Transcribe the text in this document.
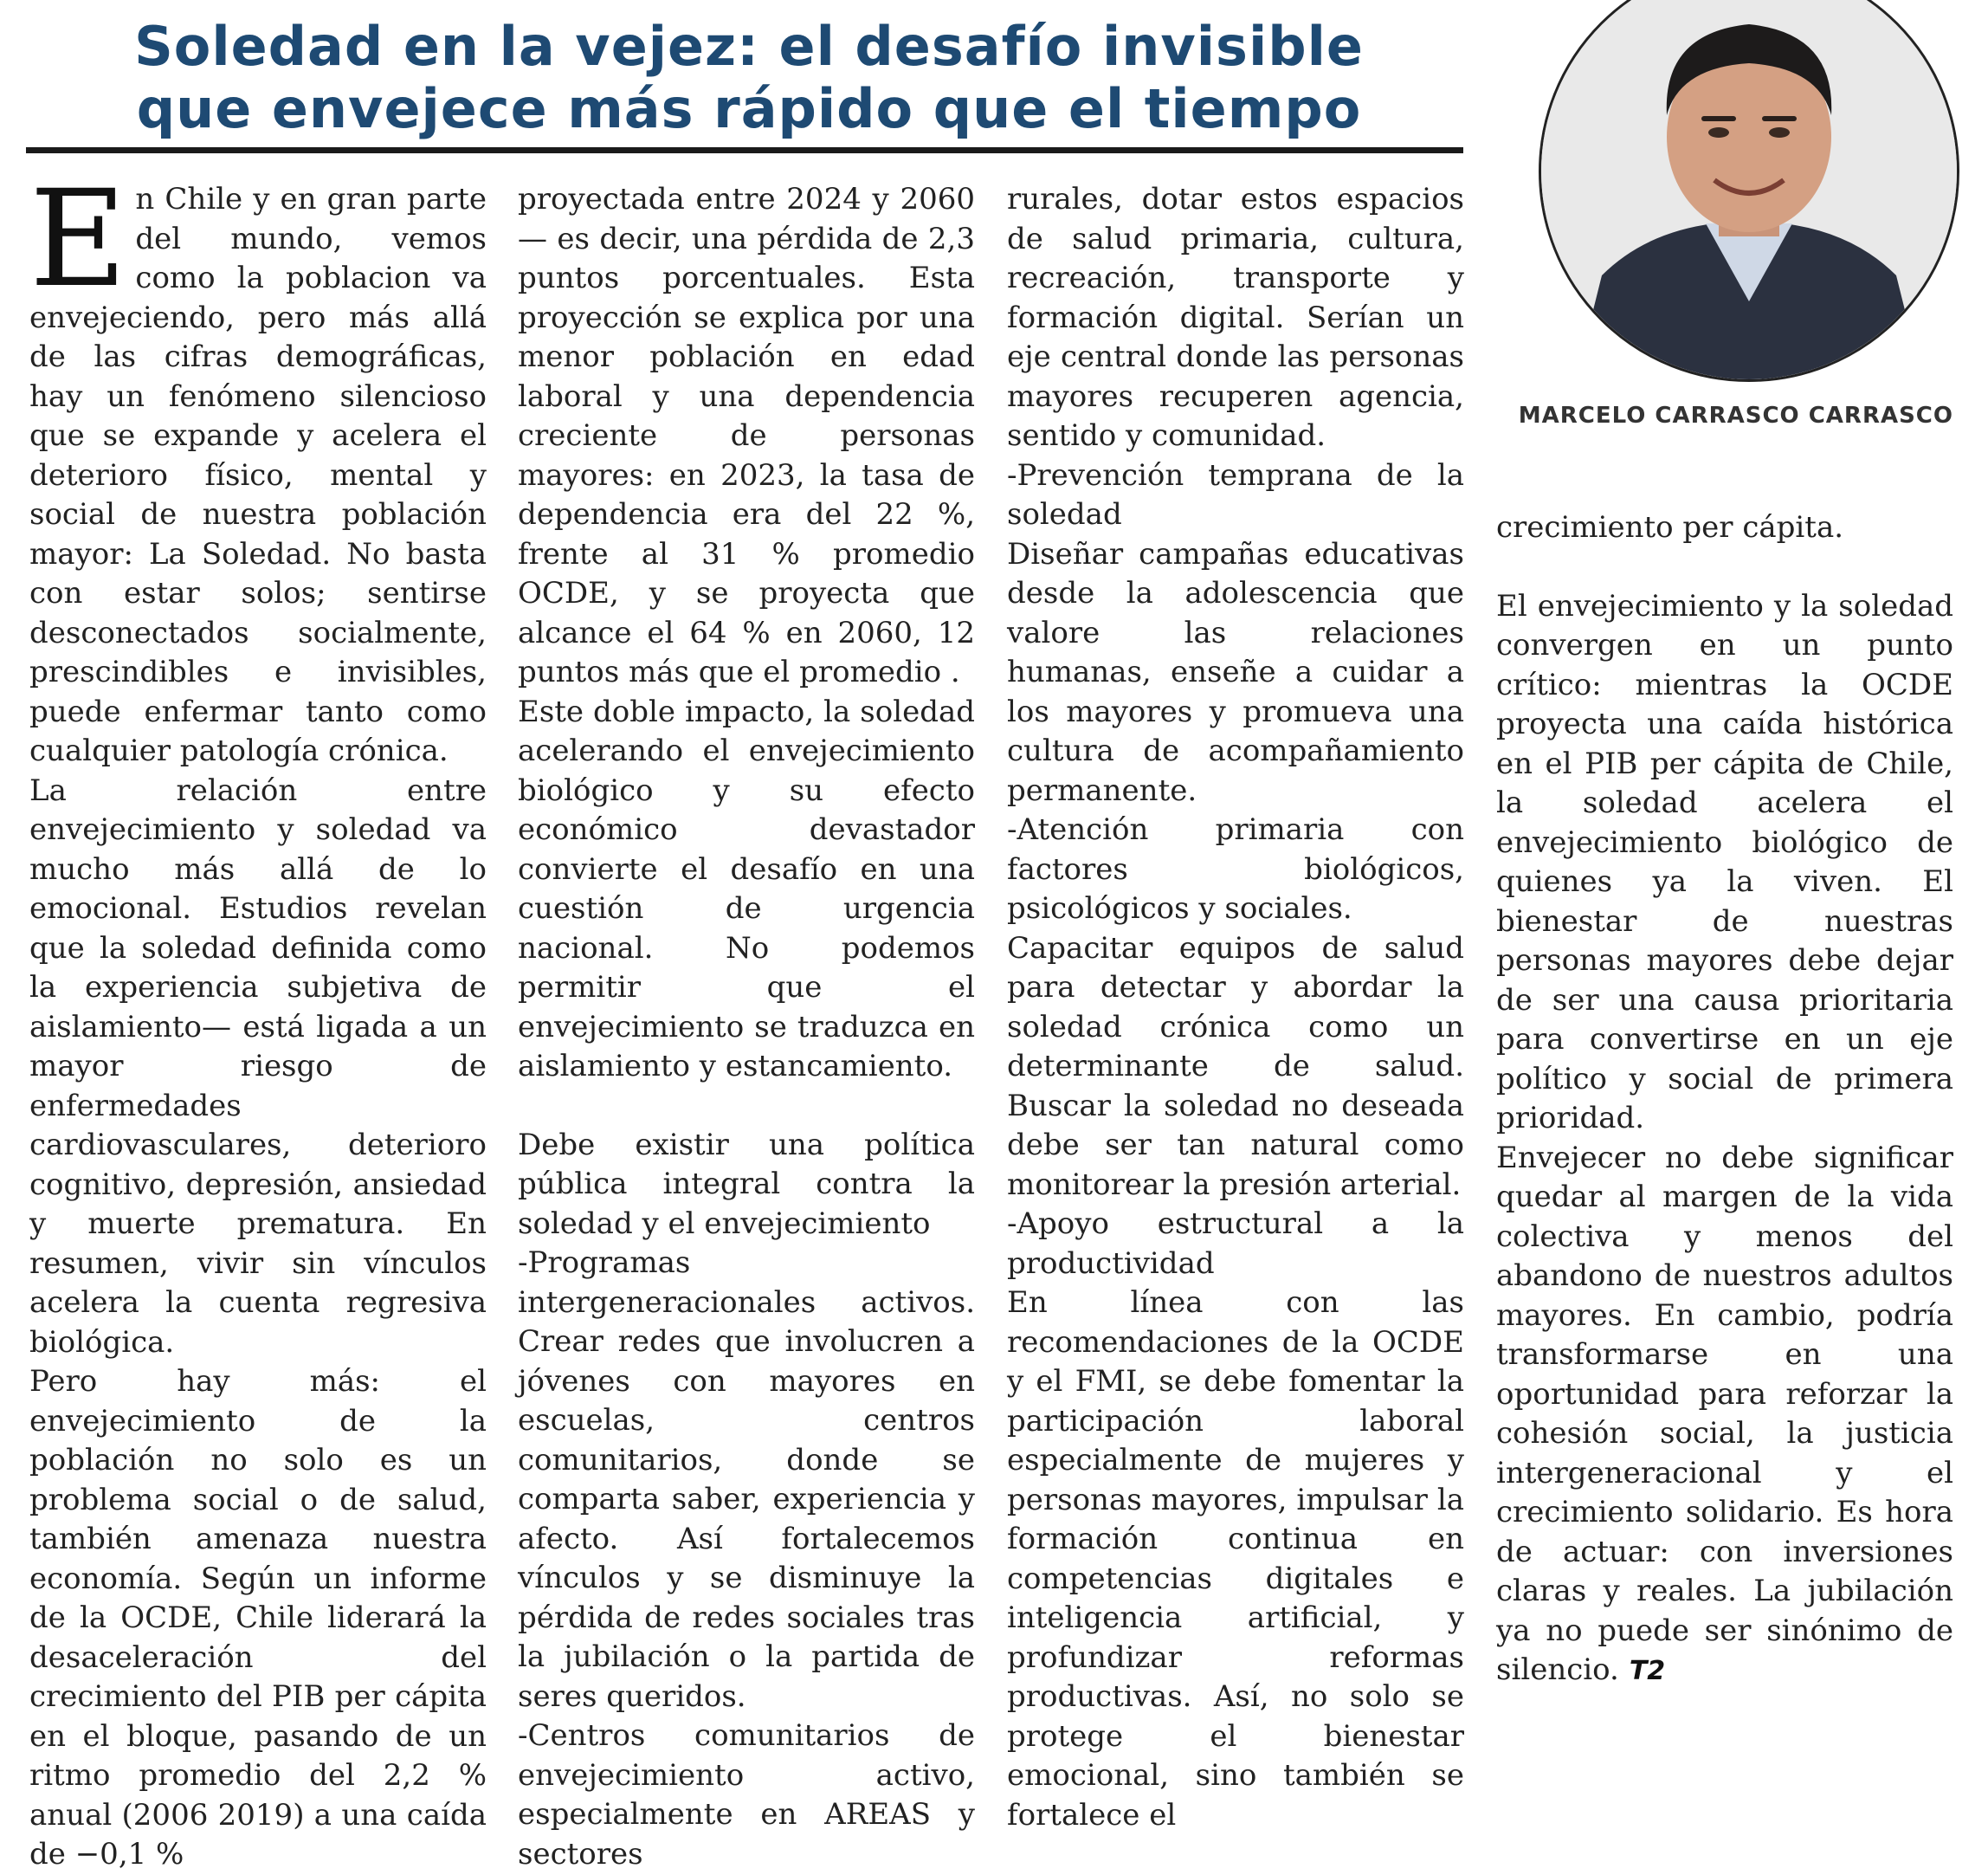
Soledad en la vejez: el desafío invisible
que envejece más rápido que el tiempo

En Chile y en gran parte del mundo, vemos como la poblacion va envejeciendo, pero más allá de las cifras demográficas, hay un fenómeno silencioso que se expande y acelera el deterioro físico, mental y social de nuestra población mayor: La Soledad. No basta con estar solos; sentirse desconectados socialmente, prescindibles e invisibles, puede enfermar tanto como cualquier patología crónica.

La relación entre envejecimiento y soledad va mucho más allá de lo emocional. Estudios revelan que la soledad definida como la experiencia subjetiva de aislamiento— está ligada a un mayor riesgo de enfermedades cardiovasculares, deterioro cognitivo, depresión, ansiedad y muerte prematura. En resumen, vivir sin vínculos acelera la cuenta regresiva biológica.

Pero hay más: el envejecimiento de la población no solo es un problema social o de salud, también amenaza nuestra economía. Según un informe de la OCDE, Chile liderará la desaceleración del crecimiento del PIB per cápita en el bloque, pasando de un ritmo promedio del 2,2 % anual (2006 2019) a una caída de −0,1 %

proyectada entre 2024 y 2060 — es decir, una pérdida de 2,3 puntos porcentuales. Esta proyección se explica por una menor población en edad laboral y una dependencia creciente de personas mayores: en 2023, la tasa de dependencia era del 22 %, frente al 31 % promedio OCDE, y se proyecta que alcance el 64 % en 2060, 12 puntos más que el promedio .

Este doble impacto, la soledad acelerando el envejecimiento biológico y su efecto económico devastador convierte el desafío en una cuestión de urgencia nacional. No podemos permitir que el envejecimiento se traduzca en aislamiento y estancamiento.

Debe existir una política pública integral contra la soledad y el envejecimiento

-Programas intergeneracionales activos. Crear redes que involucren a jóvenes con mayores en escuelas, centros comunitarios, donde se comparta saber, experiencia y afecto. Así fortalecemos vínculos y se disminuye la pérdida de redes sociales tras la jubilación o la partida de seres queridos.

-Centros comunitarios de envejecimiento activo, especialmente en AREAS y sectores

rurales, dotar estos espacios de salud primaria, cultura, recreación, transporte y formación digital. Serían un eje central donde las personas mayores recuperen agencia, sentido y comunidad.

-Prevención temprana de la soledad

Diseñar campañas educativas desde la adolescencia que valore las relaciones humanas, enseñe a cuidar a los mayores y promueva una cultura de acompañamiento permanente.

-Atención primaria con factores biológicos, psicológicos y sociales.

Capacitar equipos de salud para detectar y abordar la soledad crónica como un determinante de salud. Buscar la soledad no deseada debe ser tan natural como monitorear la presión arterial.

-Apoyo estructural a la productividad

En línea con las recomendaciones de la OCDE y el FMI, se debe fomentar la participación laboral especialmente de mujeres y personas mayores, impulsar la formación continua en competencias digitales e inteligencia artificial, y profundizar reformas productivas. Así, no solo se protege el bienestar emocional, sino también se fortalece el

MARCELO CARRASCO CARRASCO

crecimiento per cápita.

El envejecimiento y la soledad convergen en un punto crítico: mientras la OCDE proyecta una caída histórica en el PIB per cápita de Chile, la soledad acelera el envejecimiento biológico de quienes ya la viven. El bienestar de nuestras personas mayores debe dejar de ser una causa prioritaria para convertirse en un eje político y social de primera prioridad.

Envejecer no debe significar quedar al margen de la vida colectiva y menos del abandono de nuestros adultos mayores. En cambio, podría transformarse en una oportunidad para reforzar la cohesión social, la justicia intergeneracional y el crecimiento solidario. Es hora de actuar: con inversiones claras y reales. La jubilación ya no puede ser sinónimo de silencio. T2
